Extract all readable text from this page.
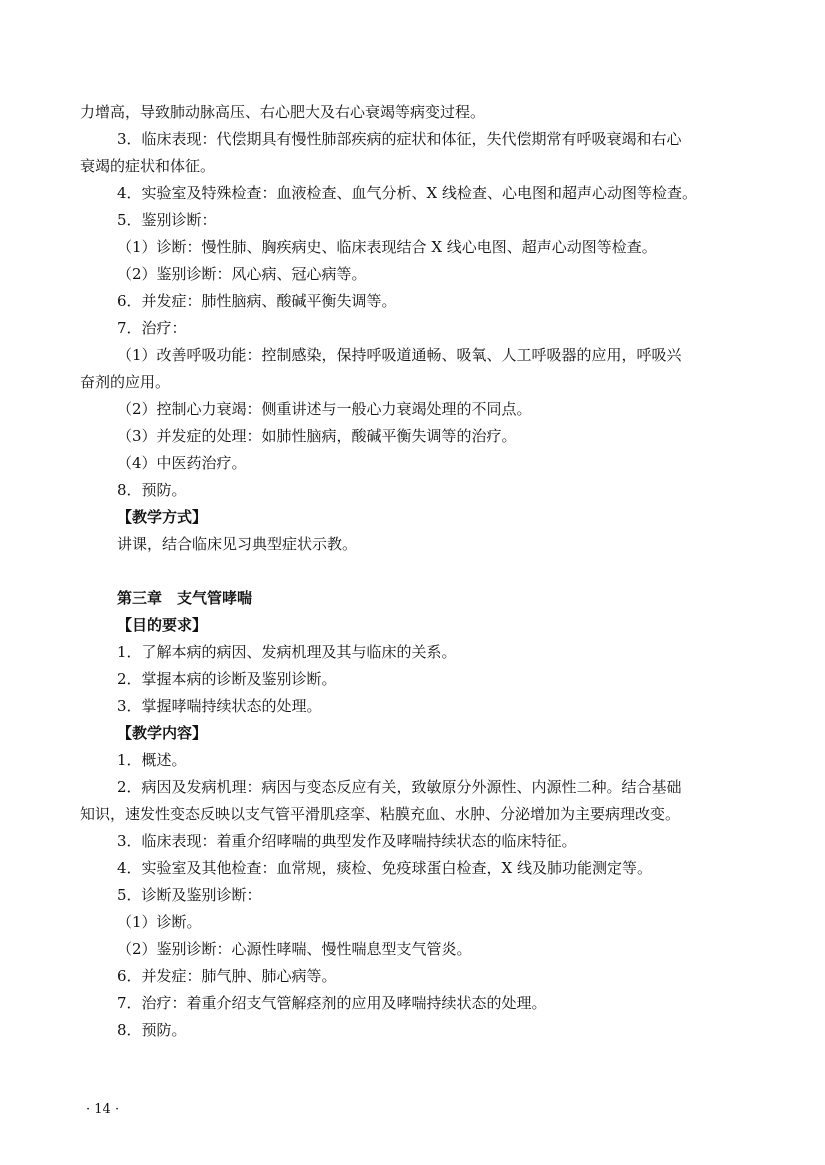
力增高，导致肺动脉高压、右心肥大及右心衰竭等病变过程。
3．临床表现：代偿期具有慢性肺部疾病的症状和体征，失代偿期常有呼吸衰竭和右心
衰竭的症状和体征。
4．实验室及特殊检查：血液检查、血气分析、X 线检查、心电图和超声心动图等检查。
5．鉴别诊断：
（1）诊断：慢性肺、胸疾病史、临床表现结合 X 线心电图、超声心动图等检查。
（2）鉴别诊断：风心病、冠心病等。
6．并发症：肺性脑病、酸碱平衡失调等。
7．治疗：
（1）改善呼吸功能：控制感染，保持呼吸道通畅、吸氧、人工呼吸器的应用，呼吸兴
奋剂的应用。
（2）控制心力衰竭：侧重讲述与一般心力衰竭处理的不同点。
（3）并发症的处理：如肺性脑病，酸碱平衡失调等的治疗。
（4）中医药治疗。
8．预防。
【教学方式】
讲课，结合临床见习典型症状示教。
第三章　支气管哮喘
【目的要求】
1．了解本病的病因、发病机理及其与临床的关系。
2．掌握本病的诊断及鉴别诊断。
3．掌握哮喘持续状态的处理。
【教学内容】
1．概述。
2．病因及发病机理：病因与变态反应有关，致敏原分外源性、内源性二种。结合基础
知识，速发性变态反映以支气管平滑肌痉挛、粘膜充血、水肿、分泌增加为主要病理改变。
3．临床表现：着重介绍哮喘的典型发作及哮喘持续状态的临床特征。
4．实验室及其他检查：血常规，痰检、免疫球蛋白检查，X 线及肺功能测定等。
5．诊断及鉴别诊断：
（1）诊断。
（2）鉴别诊断：心源性哮喘、慢性喘息型支气管炎。
6．并发症：肺气肿、肺心病等。
7．治疗：着重介绍支气管解痉剂的应用及哮喘持续状态的处理。
8．预防。
· 14 ·
